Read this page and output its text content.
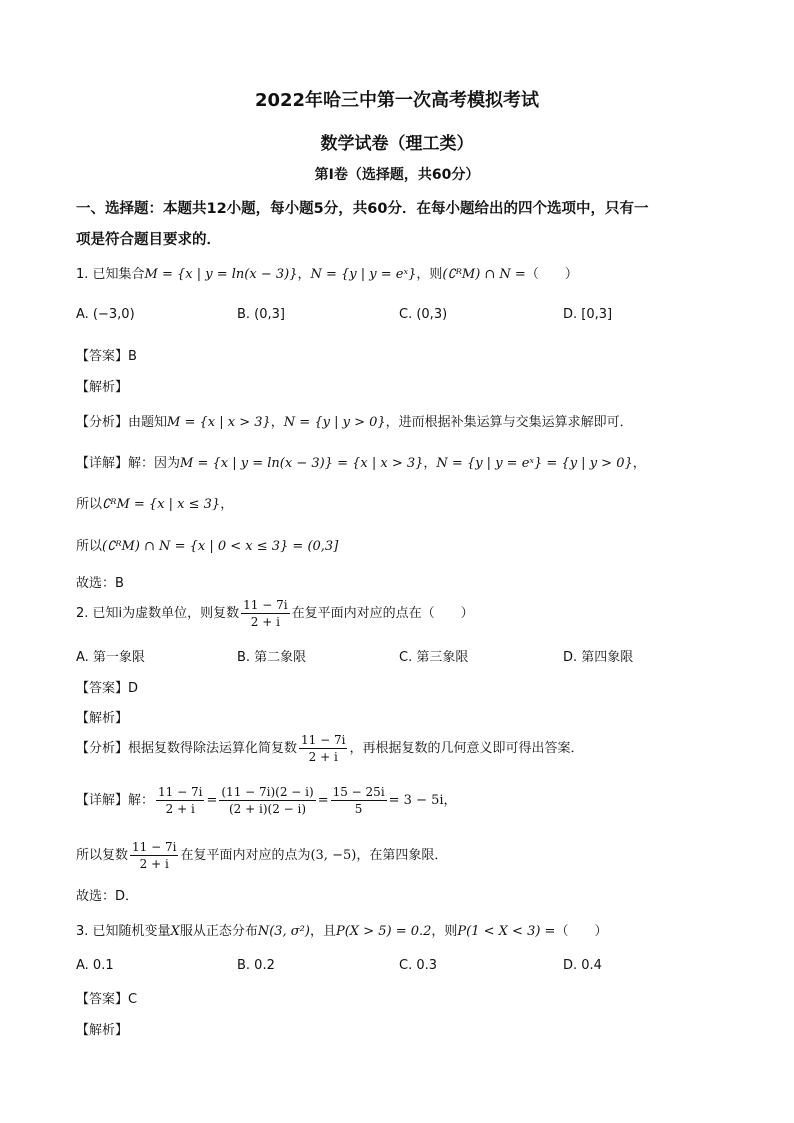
2022年哈三中第一次高考模拟考试
数学试卷（理工类）
第Ⅰ卷（选择题，共60分）
一、选择题：本题共12小题，每小题5分，共60分．在每小题给出的四个选项中，只有一
项是符合题目要求的．
1. 已知集合M = {x | y = ln(x − 3)}，N = {y | y = eˣ}，则(∁ᴿM) ∩ N =（　　）
A. (−3,0)	B. (0,3]	C. (0,3)	D. [0,3]
【答案】B
【解析】
【分析】由题知M = {x | x > 3}，N = {y | y > 0}，进而根据补集运算与交集运算求解即可．
【详解】解：因为M = {x | y = ln(x − 3)} = {x | x > 3}，N = {y | y = eˣ} = {y | y > 0}，
所以∁ᴿM = {x | x ≤ 3}，
所以(∁ᴿM) ∩ N = {x | 0 < x ≤ 3} = (0,3]
故选：B
2. 已知i为虚数单位，则复数 $\frac{11 - 7i}{2 + i}$ 在复平面内对应的点在（　　）
A. 第一象限	B. 第二象限	C. 第三象限	D. 第四象限
【答案】D
【解析】
【分析】根据复数得除法运算化简复数 $\frac{11 - 7i}{2 + i}$ ，再根据复数的几何意义即可得出答案．
【详解】解： $\frac{11 - 7i}{2 + i} = \frac{(11 - 7i)(2 - i)}{(2 + i)(2 - i)} = \frac{15 - 25i}{5} = 3 - 5i$，
所以复数 $\frac{11 - 7i}{2 + i}$ 在复平面内对应的点为(3, −5)，在第四象限．
故选：D．
3. 已知随机变量X服从正态分布N(3, σ²)，且P(X > 5) = 0.2，则P(1 < X < 3) =（　　）
A. 0.1	B. 0.2	C. 0.3	D. 0.4
【答案】C
【解析】
